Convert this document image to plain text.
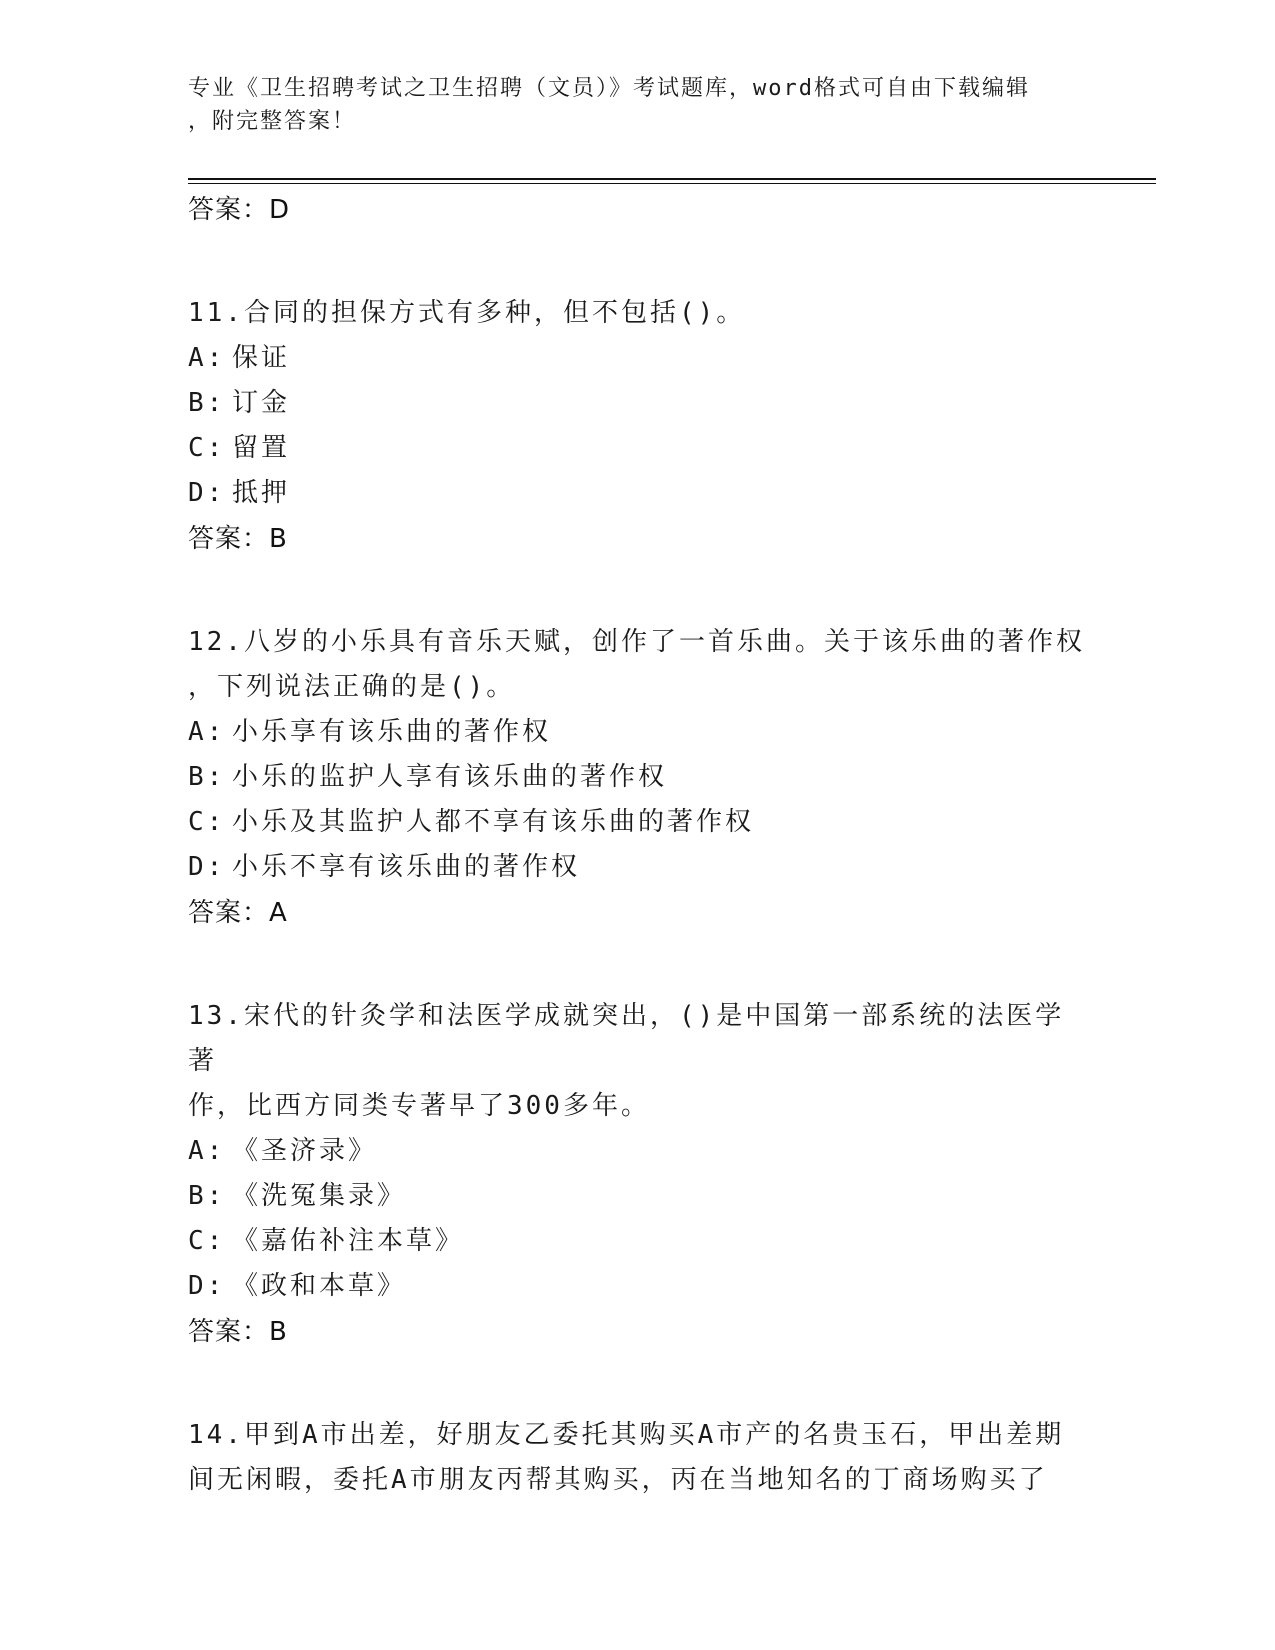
专业《卫生招聘考试之卫生招聘（文员）》考试题库，word格式可自由下载编辑
，附完整答案！
答案：D
11.合同的担保方式有多种，但不包括()。
A: 保证
B: 订金
C: 留置
D: 抵押
答案：B
12.八岁的小乐具有音乐天赋，创作了一首乐曲。关于该乐曲的著作权
，下列说法正确的是()。
A: 小乐享有该乐曲的著作权
B: 小乐的监护人享有该乐曲的著作权
C: 小乐及其监护人都不享有该乐曲的著作权
D: 小乐不享有该乐曲的著作权
答案：A
13.宋代的针灸学和法医学成就突出，()是中国第一部系统的法医学著
作，比西方同类专著早了300多年。
A: 《圣济录》
B: 《洗冤集录》
C: 《嘉佑补注本草》
D: 《政和本草》
答案：B
14.甲到A市出差，好朋友乙委托其购买A市产的名贵玉石，甲出差期
间无闲暇，委托A市朋友丙帮其购买，丙在当地知名的丁商场购买了
